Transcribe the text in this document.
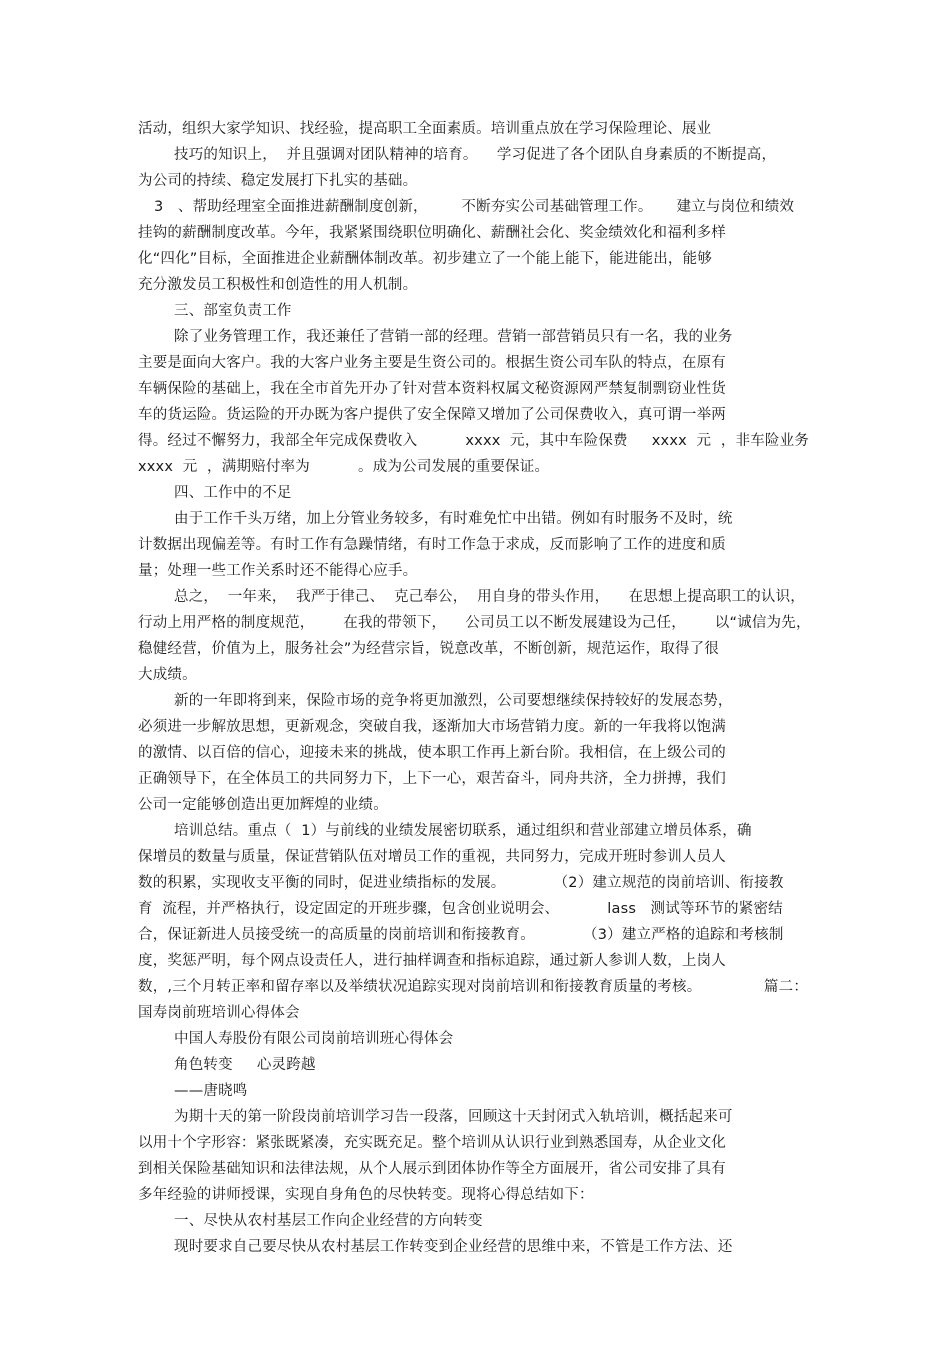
活动，组织大家学知识、找经验，提高职工全面素质。培训重点放在学习保险理论、展业
技巧的知识上，  并且强调对团队精神的培育。    学习促进了各个团队自身素质的不断提高，
为公司的持续、稳定发展打下扎实的基础。
3   、帮助经理室全面推进薪酬制度创新，       不断夯实公司基础管理工作。     建立与岗位和绩效
挂钩的薪酬制度改革。今年，我紧紧围绕职位明确化、薪酬社会化、奖金绩效化和福利多样
化“四化”目标，全面推进企业薪酬体制改革。初步建立了一个能上能下，能进能出，能够
充分激发员工积极性和创造性的用人机制。
三、部室负责工作
除了业务管理工作，我还兼任了营销一部的经理。营销一部营销员只有一名，我的业务
主要是面向大客户。我的大客户业务主要是生资公司的。根据生资公司车队的特点，在原有
车辆保险的基础上，我在全市首先开办了针对营本资料权属文秘资源网严禁复制剽窃业性货
车的货运险。货运险的开办既为客户提供了安全保障又增加了公司保费收入，真可谓一举两
得。经过不懈努力，我部全年完成保费收入          xxxx  元，其中车险保费     xxxx  元  ，非车险业务
xxxx  元  ，满期赔付率为          。成为公司发展的重要保证。
四、工作中的不足
由于工作千头万绪，加上分管业务较多，有时难免忙中出错。例如有时服务不及时，统
计数据出现偏差等。有时工作有急躁情绪，有时工作急于求成，反而影响了工作的进度和质
量；处理一些工作关系时还不能得心应手。
总之，  一年来，  我严于律己、  克己奉公，  用自身的带头作用，    在思想上提高职工的认识，
行动上用严格的制度规范，      在我的带领下，    公司员工以不断发展建设为己任，      以“诚信为先，
稳健经营，价值为上，服务社会”为经营宗旨，锐意改革，不断创新，规范运作，取得了很
大成绩。
新的一年即将到来，保险市场的竞争将更加激烈，公司要想继续保持较好的发展态势，
必须进一步解放思想，更新观念，突破自我，逐渐加大市场营销力度。新的一年我将以饱满
的激情、以百倍的信心，迎接未来的挑战，使本职工作再上新台阶。我相信，在上级公司的
正确领导下，在全体员工的共同努力下，上下一心，艰苦奋斗，同舟共济，全力拼搏，我们
公司一定能够创造出更加辉煌的业绩。
培训总结。重点（  1）与前线的业绩发展密切联系，通过组织和营业部建立增员体系，确
保增员的数量与质量，保证营销队伍对增员工作的重视，共同努力，完成开班时参训人员人
数的积累，实现收支平衡的同时，促进业绩指标的发展。          （2）建立规范的岗前培训、衔接教
育  流程，并严格执行，设定固定的开班步骤，包含创业说明会、          lass   测试等环节的紧密结
合，保证新进人员接受统一的高质量的岗前培训和衔接教育。          （3）建立严格的追踪和考核制
度，奖惩严明，每个网点设责任人，进行抽样调查和指标追踪，通过新人参训人数，上岗人
数，,三个月转正率和留存率以及举绩状况追踪实现对岗前培训和衔接教育质量的考核。             篇二：
国寿岗前班培训心得体会
中国人寿股份有限公司岗前培训班心得体会
角色转变     心灵跨越
——唐晓鸣
为期十天的第一阶段岗前培训学习告一段落，回顾这十天封闭式入轨培训，概括起来可
以用十个字形容：紧张既紧凑，充实既充足。整个培训从认识行业到熟悉国寿，从企业文化
到相关保险基础知识和法律法规，从个人展示到团体协作等全方面展开，省公司安排了具有
多年经验的讲师授课，实现自身角色的尽快转变。现将心得总结如下：
一、尽快从农村基层工作向企业经营的方向转变
现时要求自己要尽快从农村基层工作转变到企业经营的思维中来，不管是工作方法、还
